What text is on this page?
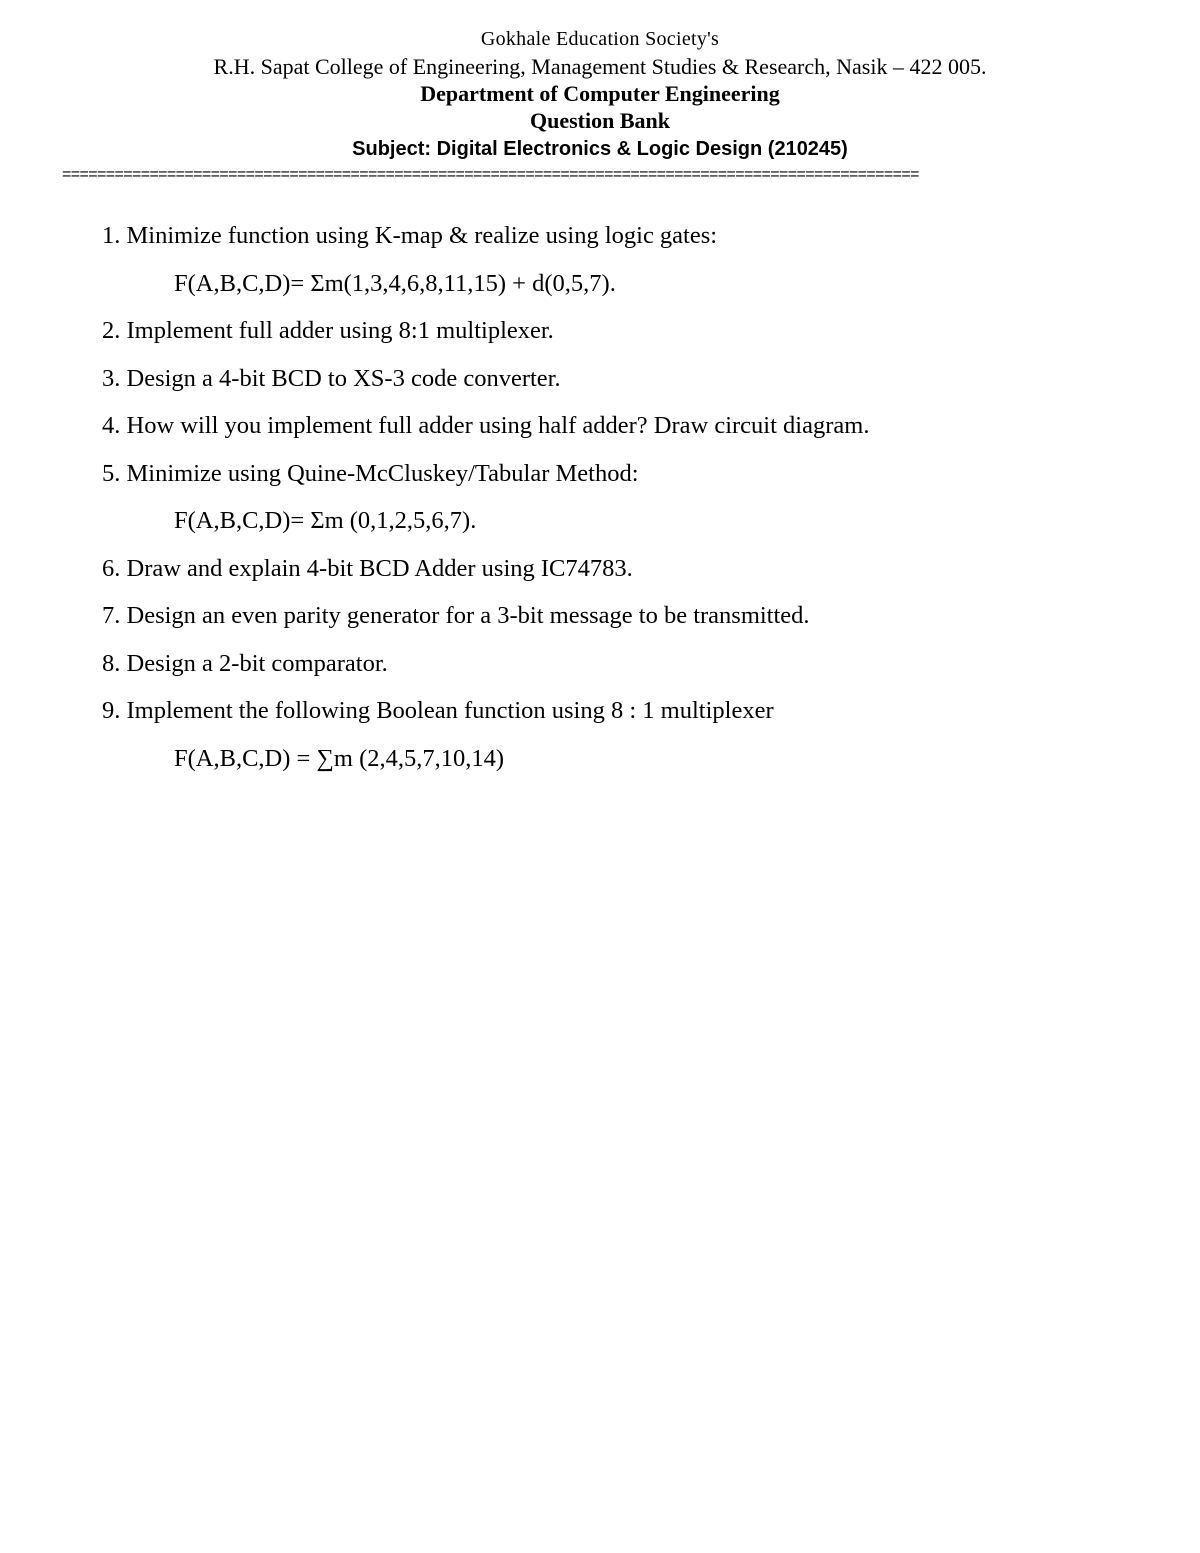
Gokhale Education Society's
R.H. Sapat College of Engineering, Management Studies & Research, Nasik – 422 005.
Department of Computer Engineering
Question Bank
Subject: Digital Electronics & Logic Design (210245)
==================================================================================================
1. Minimize function using K-map & realize using logic gates:
F(A,B,C,D)= Σm(1,3,4,6,8,11,15) + d(0,5,7).
2. Implement full adder using 8:1 multiplexer.
3. Design a 4-bit BCD to XS-3 code converter.
4. How will you implement full adder using half adder? Draw circuit diagram.
5. Minimize using Quine-McCluskey/Tabular Method:
F(A,B,C,D)= Σm (0,1,2,5,6,7).
6. Draw and explain 4-bit BCD Adder using IC74783.
7. Design an even parity generator for a 3-bit message to be transmitted.
8. Design a 2-bit comparator.
9. Implement the following Boolean function using 8 : 1 multiplexer
F(A,B,C,D) = ∑m (2,4,5,7,10,14)
